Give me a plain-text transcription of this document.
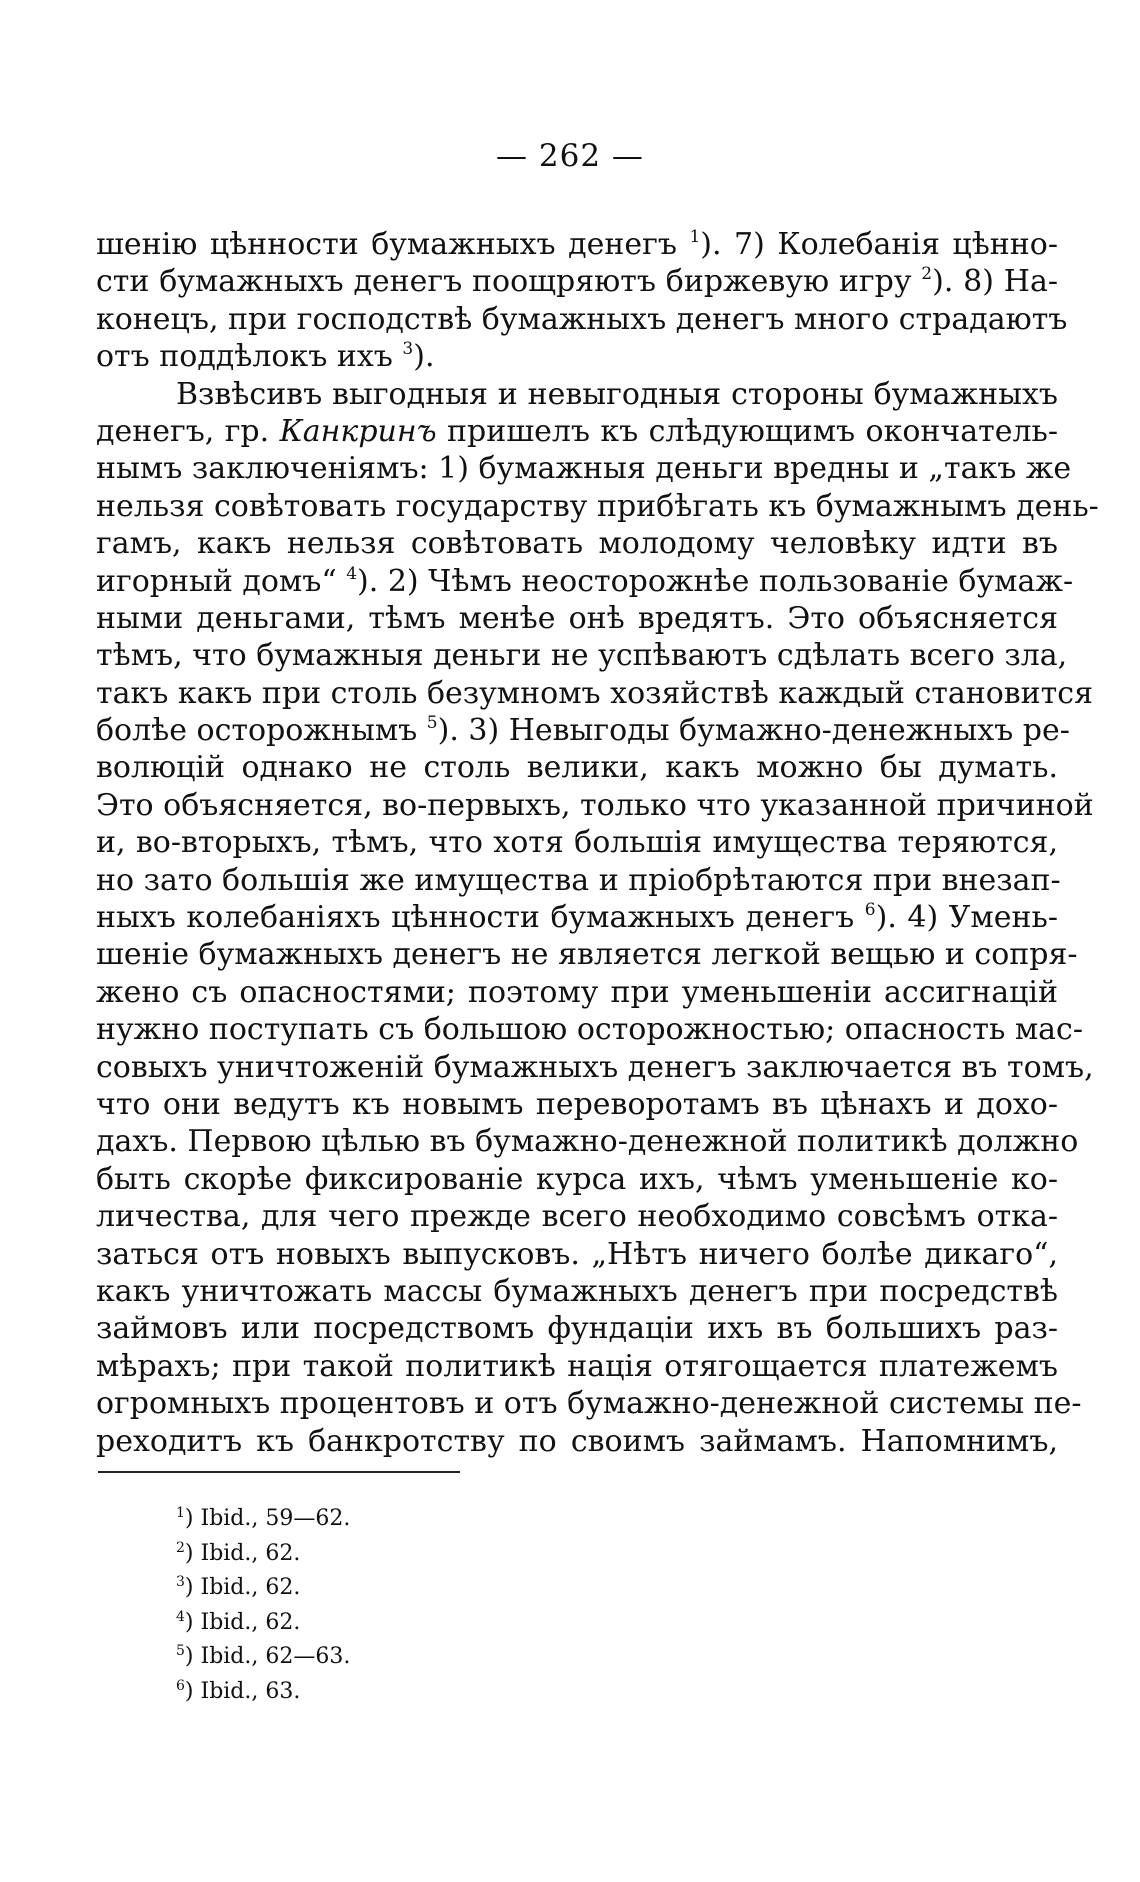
— 262 —
шенію цѣнности бумажныхъ денегъ $^1$). 7) Колебанія цѣнно-
сти бумажныхъ денегъ поощряютъ биржевую игру $^2$). 8) На-
конецъ, при господствѣ бумажныхъ денегъ много страдаютъ
отъ поддѣлокъ ихъ $^3$).
Взвѣсивъ выгодныя и невыгодныя стороны бумажныхъ
денегъ, гр. Канкринъ пришелъ къ слѣдующимъ окончатель-
нымъ заключеніямъ: 1) бумажныя деньги вредны и „такъ же
нельзя совѣтовать государству прибѣгать къ бумажнымъ день-
гамъ, какъ нельзя совѣтовать молодому человѣку идти въ
игорный домъ“ $^4$). 2) Чѣмъ неосторожнѣе пользованіе бумаж-
ными деньгами, тѣмъ менѣе онѣ вредятъ. Это объясняется
тѣмъ, что бумажныя деньги не успѣваютъ сдѣлать всего зла,
такъ какъ при столь безумномъ хозяйствѣ каждый становится
болѣе осторожнымъ $^5$). 3) Невыгоды бумажно-денежныхъ ре-
волюцій однако не столь велики, какъ можно бы думать.
Это объясняется, во-первыхъ, только что указанной причиной
и, во-вторыхъ, тѣмъ, что хотя большія имущества теряются,
но зато большія же имущества и пріобрѣтаются при внезап-
ныхъ колебаніяхъ цѣнности бумажныхъ денегъ $^6$). 4) Умень-
шеніе бумажныхъ денегъ не является легкой вещью и сопря-
жено съ опасностями; поэтому при уменьшеніи ассигнацій
нужно поступать съ большою осторожностью; опасность мас-
совыхъ уничтоженій бумажныхъ денегъ заключается въ томъ,
что они ведутъ къ новымъ переворотамъ въ цѣнахъ и дохо-
дахъ. Первою цѣлью въ бумажно-денежной политикѣ должно
быть скорѣе фиксированіе курса ихъ, чѣмъ уменьшеніе ко-
личества, для чего прежде всего необходимо совсѣмъ отка-
заться отъ новыхъ выпусковъ. „Нѣтъ ничего болѣе дикаго“,
какъ уничтожать массы бумажныхъ денегъ при посредствѣ
займовъ или посредствомъ фундаціи ихъ въ большихъ раз-
мѣрахъ; при такой политикѣ нація отягощается платежемъ
огромныхъ процентовъ и отъ бумажно-денежной системы пе-
реходитъ къ банкротству по своимъ займамъ. Напомнимъ,
$^1$) Ibid., 59—62.
$^2$) Ibid., 62.
$^3$) Ibid., 62.
$^4$) Ibid., 62.
$^5$) Ibid., 62—63.
$^6$) Ibid., 63.
